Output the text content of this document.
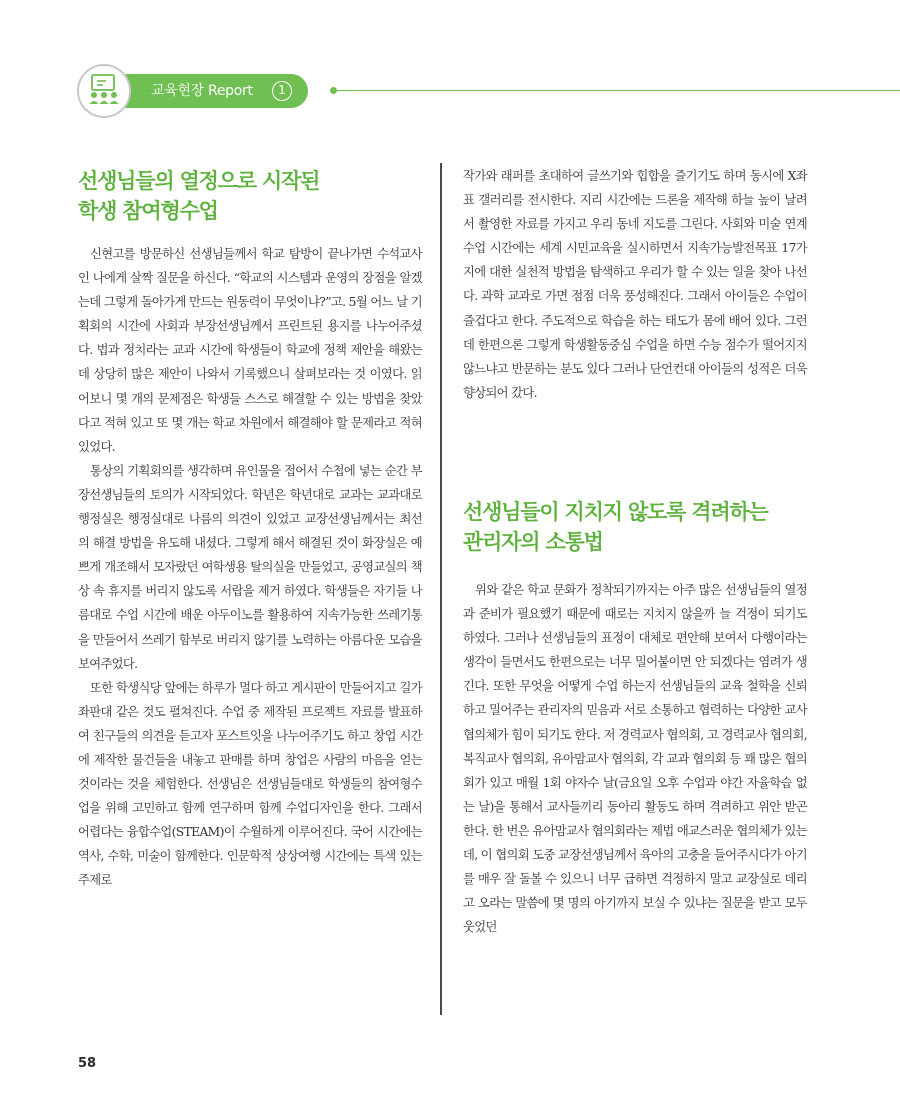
교육현장 Report	1
선생님들의 열정으로 시작된
학생 참여형수업

신현고를 방문하신 선생님들께서 학교 탐방이 끝나가면 수석교사인 나에게 살짝 질문을 하신다. “학교의 시스템과 운영의 장점을 알겠는데 그렇게 돌아가게 만드는 원동력이 무엇이냐?”고. 5월 어느 날 기획회의 시간에 사회과 부장선생님께서 프린트된 용지를 나누어주셨다. 법과 정치라는 교과 시간에 학생들이 학교에 정책 제안을 해왔는데 상당히 많은 제안이 나와서 기록했으니 살펴보라는 것 이였다. 읽어보니 몇 개의 문제점은 학생들 스스로 해결할 수 있는 방법을 찾았다고 적혀 있고 또 몇 개는 학교 차원에서 해결해야 할 문제라고 적혀 있었다.

통상의 기획회의를 생각하며 유인물을 접어서 수첩에 넣는 순간 부장선생님들의 토의가 시작되었다. 학년은 학년대로 교과는 교과대로 행정실은 행정실대로 나름의 의견이 있었고 교장선생님께서는 최선의 해결 방법을 유도해 내셨다. 그렇게 해서 해결된 것이 화장실은 예쁘게 개조해서 모자랐던 여학생용 탈의실을 만들었고, 공영교실의 책상 속 휴지를 버리지 않도록 서랍을 제거 하였다. 학생들은 자기들 나름대로 수업 시간에 배운 아두이노를 활용하여 지속가능한 쓰레기통을 만들어서 쓰레기 함부로 버리지 않기를 노력하는 아름다운 모습을 보여주었다.

또한 학생식당 앞에는 하루가 멀다 하고 게시판이 만들어지고 길가 좌판대 같은 것도 펼쳐진다. 수업 중 제작된 프로젝트 자료를 발표하여 친구들의 의견을 듣고자 포스트잇을 나누어주기도 하고 창업 시간에 제작한 물건들을 내놓고 판매를 하며 창업은 사람의 마음을 얻는 것이라는 것을 체험한다. 선생님은 선생님들대로 학생들의 참여형수업을 위해 고민하고 함께 연구하며 함께 수업디자인을 한다. 그래서 어렵다는 융합수업(STEAM)이 수월하게 이루어진다. 국어 시간에는 역사, 수학, 미술이 함께한다. 인문학적 상상여행 시간에는 특색 있는 주제로

작가와 래퍼를 초대하여 글쓰기와 힙합을 즐기기도 하며 동시에 X좌표 갤러리를 전시한다. 지리 시간에는 드론을 제작해 하늘 높이 날려서 촬영한 자료를 가지고 우리 동네 지도를 그린다. 사회와 미술 연계 수업 시간에는 세계 시민교육을 실시하면서 지속가능발전목표 17가지에 대한 실천적 방법을 탐색하고 우리가 할 수 있는 일을 찾아 나선다. 과학 교과로 가면 점점 더욱 풍성해진다. 그래서 아이들은 수업이 즐겁다고 한다. 주도적으로 학습을 하는 태도가 몸에 배어 있다. 그런데 한편으론 그렇게 학생활동중심 수업을 하면 수능 점수가 떨어지지 않느냐고 반문하는 분도 있다 그러나 단언컨대 아이들의 성적은 더욱 향상되어 갔다.

선생님들이 지치지 않도록 격려하는
관리자의 소통법

위와 같은 학교 문화가 정착되기까지는 아주 많은 선생님들의 열정과 준비가 필요했기 때문에 때로는 지치지 않을까 늘 걱정이 되기도 하였다. 그러나 선생님들의 표정이 대체로 편안해 보여서 다행이라는 생각이 들면서도 한편으로는 너무 밀어붙이면 안 되겠다는 염려가 생긴다. 또한 무엇을 어떻게 수업 하는지 선생님들의 교육 철학을 신뢰하고 밀어주는 관리자의 믿음과 서로 소통하고 협력하는 다양한 교사협의체가 힘이 되기도 한다. 저 경력교사 협의회, 고 경력교사 협의회, 복직교사 협의회, 유아맘교사 협의회, 각 교과 협의회 등 꽤 많은 협의회가 있고 매월 1회 야자수 날(금요일 오후 수업과 야간 자율학습 없는 날)을 통해서 교사들끼리 동아리 활동도 하며 격려하고 위안 받곤 한다. 한 번은 유아맘교사 협의회라는 제법 애교스러운 협의체가 있는데, 이 협의회 도중 교장선생님께서 육아의 고충을 들어주시다가 아기를 매우 잘 돌볼 수 있으니 너무 급하면 걱정하지 말고 교장실로 데리고 오라는 말씀에 몇 명의 아기까지 보실 수 있냐는 질문을 받고 모두 웃었던

58
